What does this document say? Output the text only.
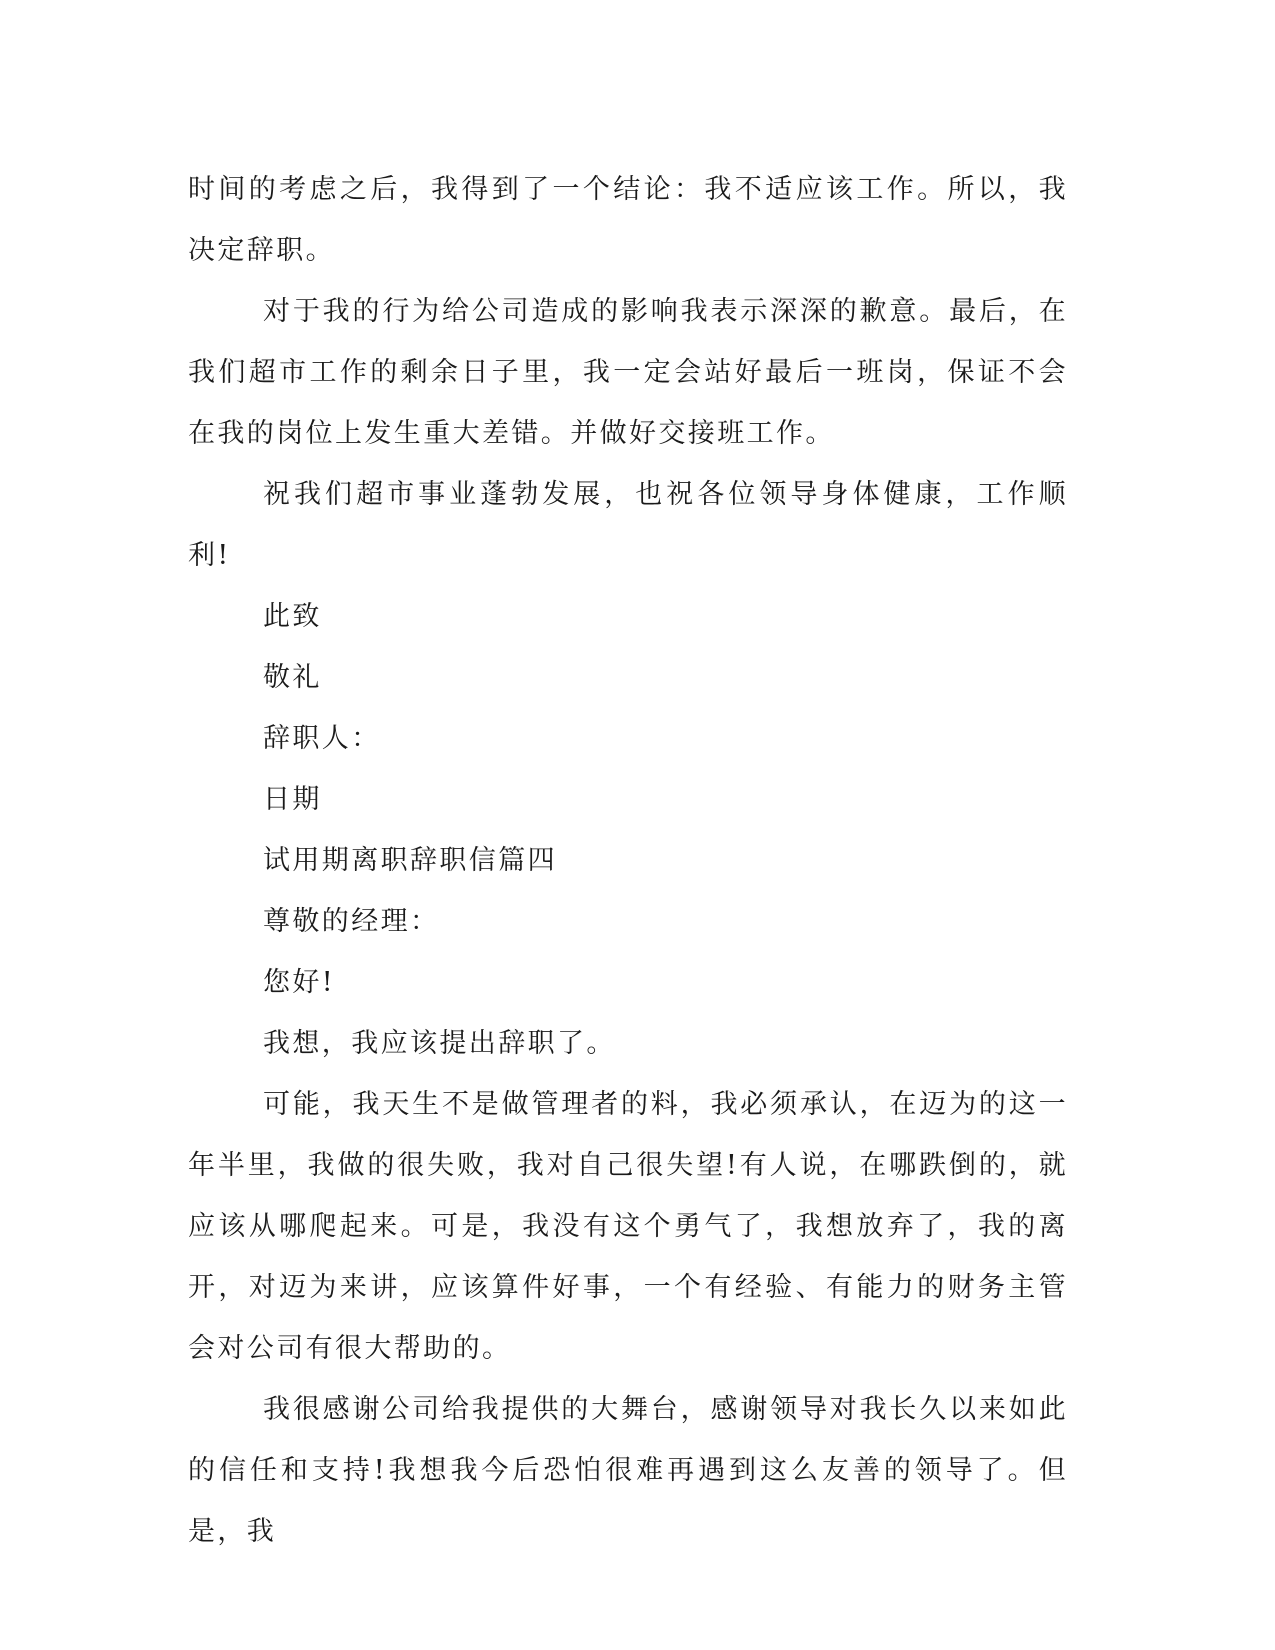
时间的考虑之后，我得到了一个结论：我不适应该工作。所以，我决定辞职。

对于我的行为给公司造成的影响我表示深深的歉意。最后，在我们超市工作的剩余日子里，我一定会站好最后一班岗，保证不会在我的岗位上发生重大差错。并做好交接班工作。

祝我们超市事业蓬勃发展，也祝各位领导身体健康，工作顺利!

此致

敬礼

辞职人：

日期

试用期离职辞职信篇四

尊敬的经理：

您好!

我想，我应该提出辞职了。

可能，我天生不是做管理者的料，我必须承认，在迈为的这一年半里，我做的很失败，我对自己很失望!有人说，在哪跌倒的，就应该从哪爬起来。可是，我没有这个勇气了，我想放弃了，我的离开，对迈为来讲，应该算件好事，一个有经验、有能力的财务主管会对公司有很大帮助的。

我很感谢公司给我提供的大舞台，感谢领导对我长久以来如此的信任和支持!我想我今后恐怕很难再遇到这么友善的领导了。但是，我
